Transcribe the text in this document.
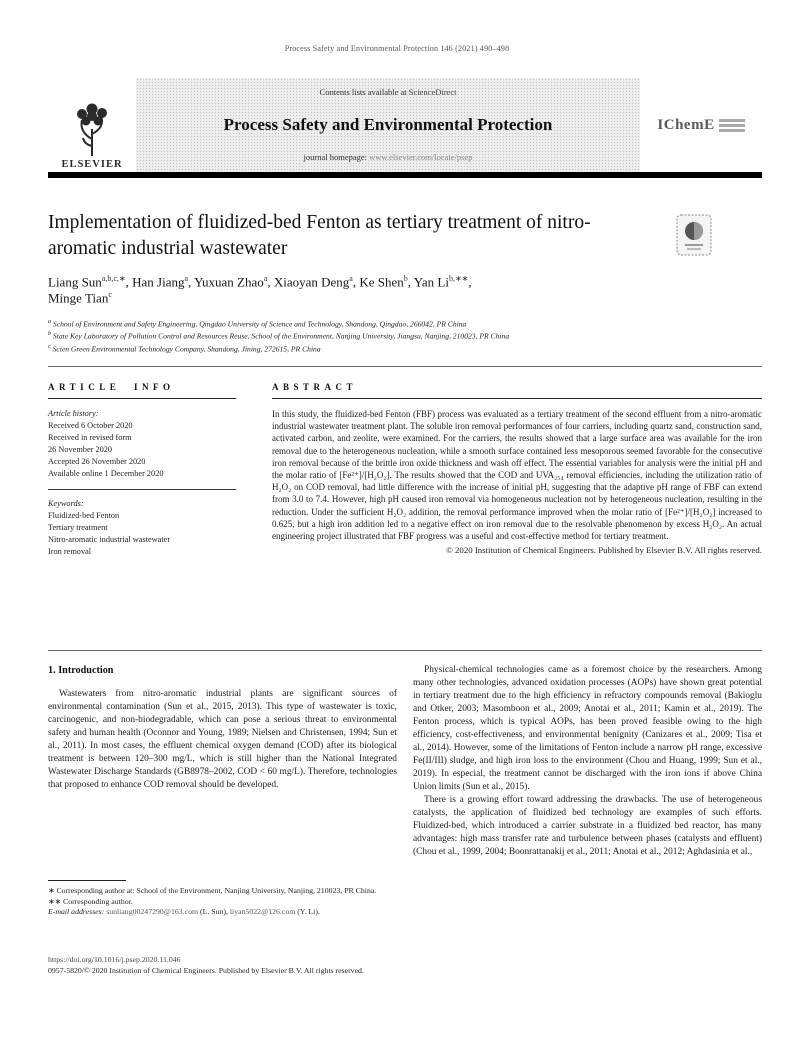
Process Safety and Environmental Protection 146 (2021) 490–498
ELSEVIER
Contents lists available at ScienceDirect
Process Safety and Environmental Protection
journal homepage: www.elsevier.com/locate/psep
IChemE
Implementation of fluidized-bed Fenton as tertiary treatment of nitro-aromatic industrial wastewater

Liang Sun$^{a,b,c,∗}$, Han Jiang$^a$, Yuxuan Zhao$^a$, Xiaoyan Deng$^a$, Ke Shen$^b$, Yan $Li^{b,∗∗}$,
Minge Tian$^c$

$^a$ School of Environment and Safety Engineering, Qingdao University of Science and Technology, Shandong, Qingdao, 266042, PR China
$^b$ State Key Laboratory of Pollution Control and Resources Reuse, School of the Environment, Nanjing University, Jiangsu, Nanjing, 210023, PR China
$^c$ Scien Green Environmental Technology Company, Shandong, Jining, 272615, PR China
ARTICLE INFO
Article history:
Received 6 October 2020
Received in revised form
26 November 2020
Accepted 26 November 2020
Available online 1 December 2020
Keywords:
Fluidized-bed Fenton
Tertiary treatment
Nitro-aromatic industrial wastewater
Iron removal
ABSTRACT

In this study, the fluidized-bed Fenton (FBF) process was evaluated as a tertiary treatment of the second effluent from a nitro-aromatic industrial wastewater treatment plant. The soluble iron removal performances of four carriers, including quartz sand, construction sand, activated carbon, and zeolite, were examined. For the carriers, the results showed that a large surface area was available for the iron removal due to the heterogeneous nucleation, while a smooth surface contained less mesoporous seemed favorable for the consecutive iron removal because of the brittle iron oxide thickness and wash off effect. The essential variables for analysis were the initial pH and the molar ratio of [Fe²⁺]/[H₂O₂]. The results showed that the COD and UVA₂₅₄ removal efficiencies, including the utilization ratio of H₂O₂ on COD removal, had little difference with the increase of initial pH, suggesting that the adaptive pH range of FBF can extend from 3.0 to 7.4. However, high pH caused iron removal via homogeneous nucleation not by heterogeneous nucleation, resulting in the reduction. Under the sufficient H₂O₂ addition, the removal performance improved when the molar ratio of [Fe²⁺]/[H₂O₂] increased to 0.625, but a high iron addition led to a negative effect on iron removal due to the resolvable phenomenon by excess H₂O₂. An actual engineering project illustrated that FBF progress was a useful and cost-effective method for tertiary treatment.

© 2020 Institution of Chemical Engineers. Published by Elsevier B.V. All rights reserved.

1. Introduction

Wastewaters from nitro-aromatic industrial plants are significant sources of environmental contamination (Sun et al., 2015, 2013). This type of wastewater is toxic, carcinogenic, and non-biodegradable, which can pose a serious threat to environmental safety and human health (Oconnor and Young, 1989; Nielsen and Christensen, 1994; Sun et al., 2011). In most cases, the effluent chemical oxygen demand (COD) after its biological treatment is between 120–300 mg/L, which is still higher than the National Integrated Wastewater Discharge Standards (GB8978–2002, COD < 60 mg/L). Therefore, technologies that proposed to enhance COD removal should be developed.

Physical-chemical technologies came as a foremost choice by the researchers. Among many other technologies, advanced oxidation processes (AOPs) have shown great potential in tertiary treatment due to the high efficiency in refractory compounds removal (Bakioglu and Otker, 2003; Masomboon et al., 2009; Anotai et al., 2011; Kamin et al., 2019). The Fenton process, which is typical AOPs, has been proved feasible owing to the high efficiency, cost-effectiveness, and environmental benignity (Canizares et al., 2009; Tisa et al., 2014). However, some of the limitations of Fenton include a narrow pH range, excessive Fe(II/III) sludge, and high iron loss to the environment (Chou and Huang, 1999; Sun et al., 2019). In especial, the treatment cannot be discharged with the iron ions if above China Union limits (Sun et al., 2015).

There is a growing effort toward addressing the drawbacks. The use of heterogeneous catalysts, the application of fluidized bed technology are examples of such efforts. Fluidized-bed, which introduced a carrier substrate in a fluidized bed reactor, has many advantages: high mass transfer rate and turbulence between phases (catalysts and effluent) (Chou et al., 1999, 2004; Boonrattanakij et al., 2011; Anotai et al., 2012; Aghdasinia et al.,

∗ Corresponding author at: School of the Environment, Nanjing University, Nanjing, 210023, PR China.
∗∗ Corresponding author.
E-mail addresses: sunliang00247290@163.com (L. Sun), liyan5022@126.com (Y. Li).
https://doi.org/10.1016/j.psep.2020.11.046
0957-5820/© 2020 Institution of Chemical Engineers. Published by Elsevier B.V. All rights reserved.
